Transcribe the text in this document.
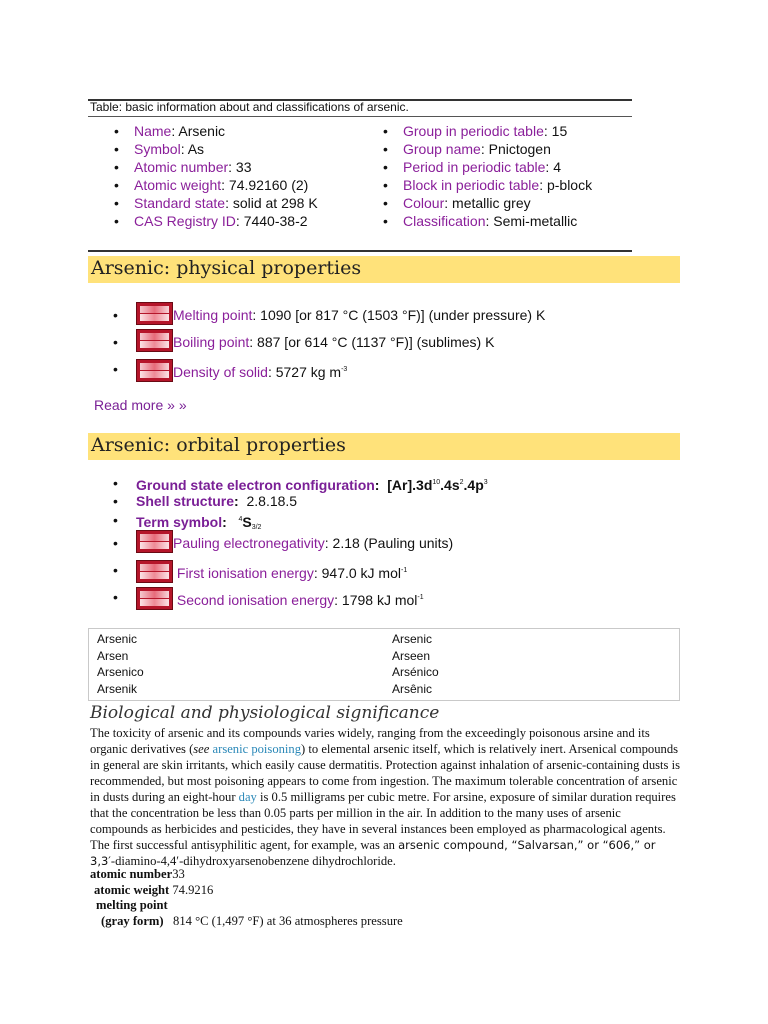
Table: basic information about and classifications of arsenic.
• Name: Arsenic
• Symbol: As
• Atomic number: 33
• Atomic weight: 74.92160 (2)
• Standard state: solid at 298 K
• CAS Registry ID: 7440-38-2
• Group in periodic table: 15
• Group name: Pnictogen
• Period in periodic table: 4
• Block in periodic table: p-block
• Colour: metallic grey
• Classification: Semi-metallic
Arsenic: physical properties
• Melting point: 1090 [or 817 °C (1503 °F)] (under pressure) K
• Boiling point: 887 [or 614 °C (1137 °F)] (sublimes) K
• Density of solid: 5727 kg $m^{-3}$
Read more » »
Arsenic: orbital properties
• Ground state electron configuration: $[Ar].3d^{10}.4s^2.4p^3$
• Shell structure: 2.8.18.5
• Term symbol: $^4S_{3/2}$
• Pauling electronegativity: 2.18 (Pauling units)
• First ionisation energy: 947.0 kJ mol$^{-1}$
• Second ionisation energy: 1798 kJ mol$^{-1}$
Arsenic
Arsen
Arsenico
Arsenik
Arsenic
Arseen
Arsénico
Arsênic
Biological and physiological significance
The toxicity of arsenic and its compounds varies widely, ranging from the exceedingly poisonous arsine and its organic derivatives (see arsenic poisoning) to elemental arsenic itself, which is relatively inert. Arsenical compounds in general are skin irritants, which easily cause dermatitis. Protection against inhalation of arsenic-containing dusts is recommended, but most poisoning appears to come from ingestion. The maximum tolerable concentration of arsenic in dusts during an eight-hour day is 0.5 milligrams per cubic metre. For arsine, exposure of similar duration requires that the concentration be less than 0.05 parts per million in the air. In addition to the many uses of arsenic compounds as herbicides and pesticides, they have in several instances been employed as pharmacological agents. The first successful antisyphilitic agent, for example, was an arsenic compound, “Salvarsan,” or “606,” or 3,3′-diamino-4,4′-dihydroxyarsenobenzene dihydrochloride.
atomic number33
atomic weight 74.9216
melting point
(gray form) 814 °C (1,497 °F) at 36 atmospheres pressure
